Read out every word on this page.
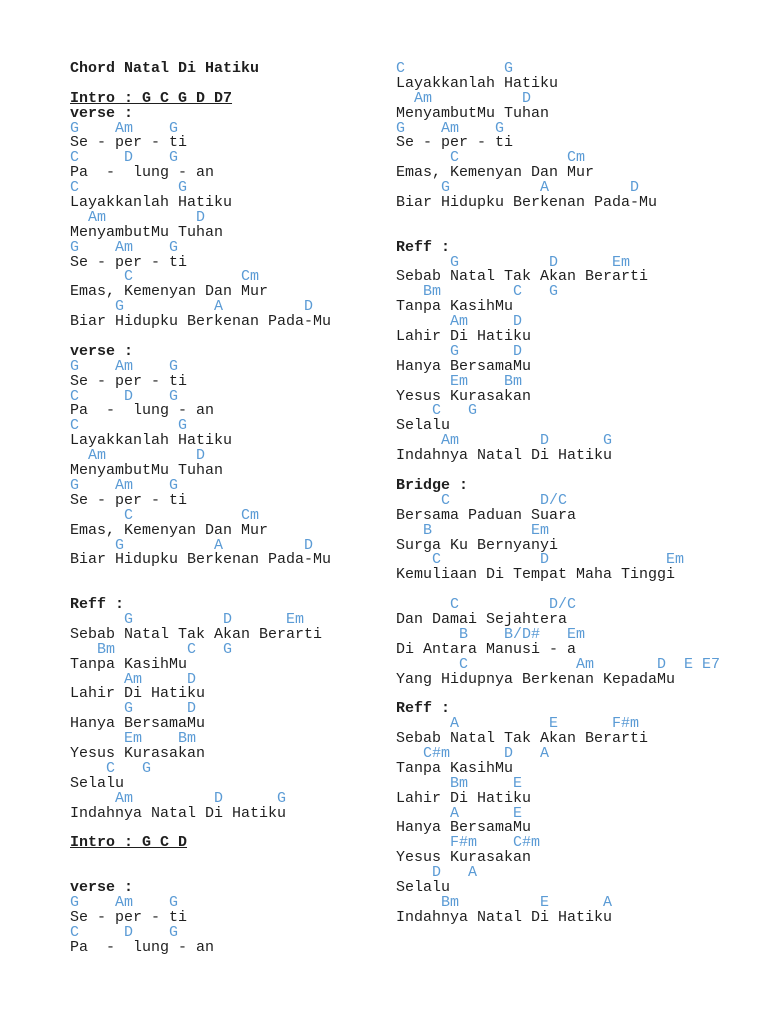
Chord Natal Di Hatiku
Intro : G C G D D7
verse :
G    Am    G
Se - per - ti
C     D    G
Pa  -  lung - an
C           G
Layakkanlah Hatiku
Am          D
MenyambutMu Tuhan
G    Am    G
Se - per - ti
C            Cm
Emas, Kemenyan Dan Mur
G          A         D
Biar Hidupku Berkenan Pada-Mu
verse :
G    Am    G
Se - per - ti
C     D    G
Pa  -  lung - an
C           G
Layakkanlah Hatiku
Am          D
MenyambutMu Tuhan
G    Am    G
Se - per - ti
C            Cm
Emas, Kemenyan Dan Mur
G          A         D
Biar Hidupku Berkenan Pada-Mu
Reff :
G          D      Em
Sebab Natal Tak Akan Berarti
Bm        C   G
Tanpa KasihMu
Am     D
Lahir Di Hatiku
G      D
Hanya BersamaMu
Em    Bm
Yesus Kurasakan
C   G
Selalu
Am         D      G
Indahnya Natal Di Hatiku
Intro : G C D
verse :
G    Am    G
Se - per - ti
C     D    G
Pa  -  lung - an
C           G
Layakkanlah Hatiku
Am          D
MenyambutMu Tuhan
G    Am    G
Se - per - ti
C            Cm
Emas, Kemenyan Dan Mur
G          A         D
Biar Hidupku Berkenan Pada-Mu
Reff :
G          D      Em
Sebab Natal Tak Akan Berarti
Bm        C   G
Tanpa KasihMu
Am     D
Lahir Di Hatiku
G      D
Hanya BersamaMu
Em    Bm
Yesus Kurasakan
C   G
Selalu
Am         D      G
Indahnya Natal Di Hatiku
Bridge :
C          D/C
Bersama Paduan Suara
B           Em
Surga Ku Bernyanyi
C           D             Em
Kemuliaan Di Tempat Maha Tinggi
C          D/C
Dan Damai Sejahtera
B    B/D#   Em
Di Antara Manusi - a
C            Am       D  E E7
Yang Hidupnya Berkenan KepadaMu
Reff :
A          E      F#m
Sebab Natal Tak Akan Berarti
C#m      D   A
Tanpa KasihMu
Bm     E
Lahir Di Hatiku
A      E
Hanya BersamaMu
F#m    C#m
Yesus Kurasakan
D   A
Selalu
Bm         E      A
Indahnya Natal Di Hatiku
